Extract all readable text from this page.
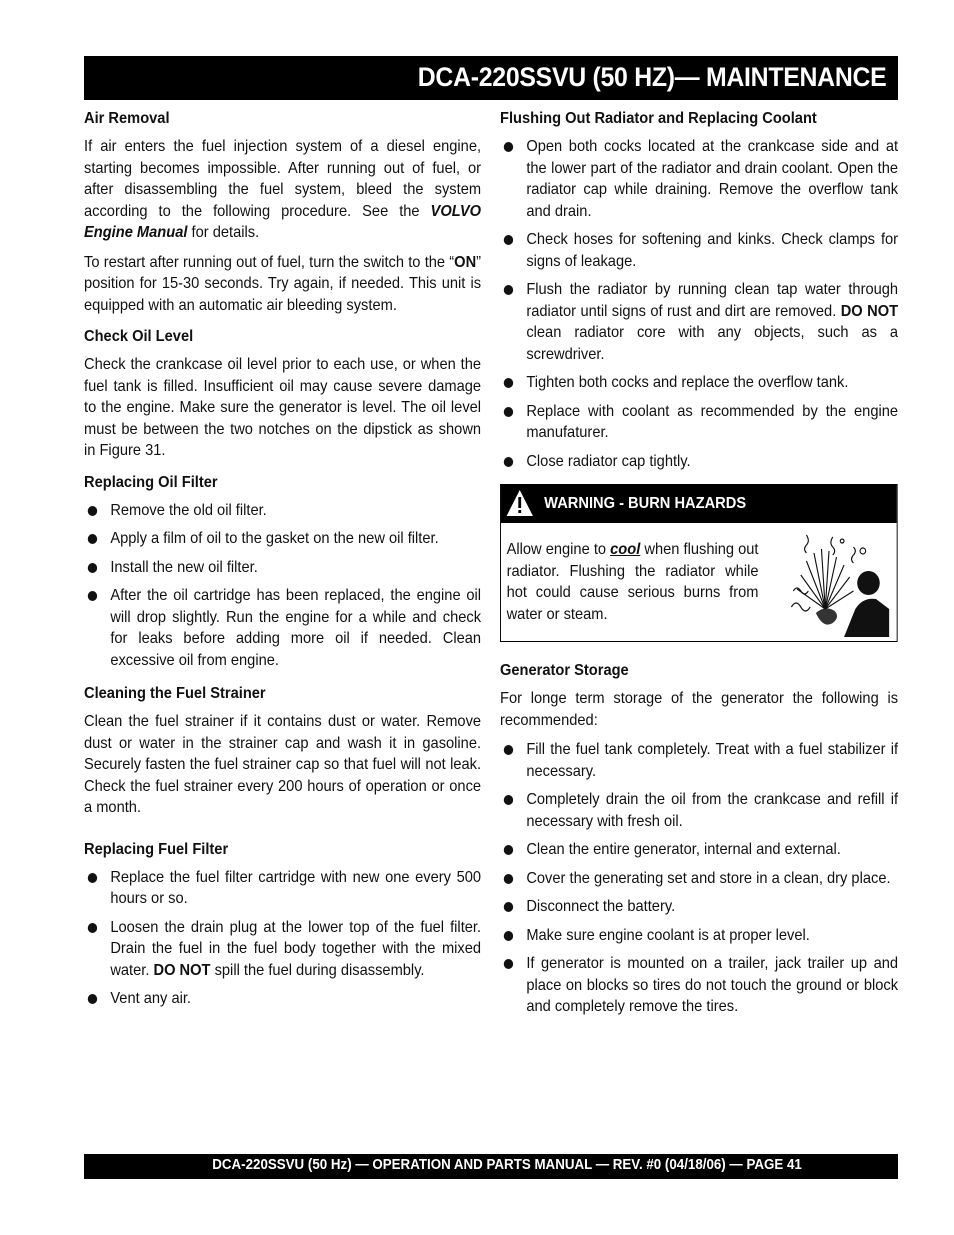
DCA-220SSVU (50 HZ)— MAINTENANCE
Air Removal

If air enters the fuel injection system of a diesel engine, starting becomes impossible. After running out of fuel, or after disassembling the fuel system, bleed the system according to the following procedure. See the VOLVO Engine Manual for details.

To restart after running out of fuel, turn the switch to the “ON” position for 15-30 seconds. Try again, if needed. This unit is equipped with an automatic air bleeding system.

Check Oil Level

Check the crankcase oil level prior to each use, or when the fuel tank is filled. Insufficient oil may cause severe damage to the engine. Make sure the generator is level. The oil level must be between the two notches on the dipstick as shown in Figure 31.

Replacing Oil Filter
Remove the old oil filter.
Apply a film of oil to the gasket on the new oil filter.
Install the new oil filter.
After the oil cartridge has been replaced, the engine oil will drop slightly. Run the engine for a while and check for leaks before adding more oil if needed. Clean excessive oil from engine.
Cleaning the Fuel Strainer

Clean the fuel strainer if it contains dust or water. Remove dust or water in the strainer cap and wash it in gasoline. Securely fasten the fuel strainer cap so that fuel will not leak. Check the fuel strainer every 200 hours of operation or once a month.

Replacing Fuel Filter
Replace the fuel filter cartridge with new one every 500 hours or so.
Loosen the drain plug at the lower top of the fuel filter. Drain the fuel in the fuel body together with the mixed water. DO NOT spill the fuel during disassembly.
Vent any air.
Flushing Out Radiator and Replacing Coolant
Open both cocks located at the crankcase side and at the lower part of the radiator and drain coolant. Open the radiator cap while draining. Remove the overflow tank and drain.
Check hoses for softening and kinks. Check clamps for signs of leakage.
Flush the radiator by running clean tap water through radiator until signs of rust and dirt are removed. DO NOT clean radiator core with any objects, such as a screwdriver.
Tighten both cocks and replace the overflow tank.
Replace with coolant as recommended by the engine manufaturer.
Close radiator cap tightly.
WARNING - BURN HAZARDS
Allow engine to cool when flushing out radiator. Flushing the radiator while hot could cause serious burns from water or steam.
Generator Storage

For longe term storage of the generator the following is recommended:

Fill the fuel tank completely. Treat with a fuel stabilizer if necessary.
Completely drain the oil from the crankcase and refill if necessary with fresh oil.
Clean the entire generator, internal and external.
Cover the generating set and store in a clean, dry place.
Disconnect the battery.
Make sure engine coolant is at proper level.
If generator is mounted on a trailer, jack trailer up and place on blocks so tires do not touch the ground or block and completely remove the tires.
DCA-220SSVU (50 Hz) — OPERATION AND PARTS MANUAL — REV. #0 (04/18/06) — PAGE 41
